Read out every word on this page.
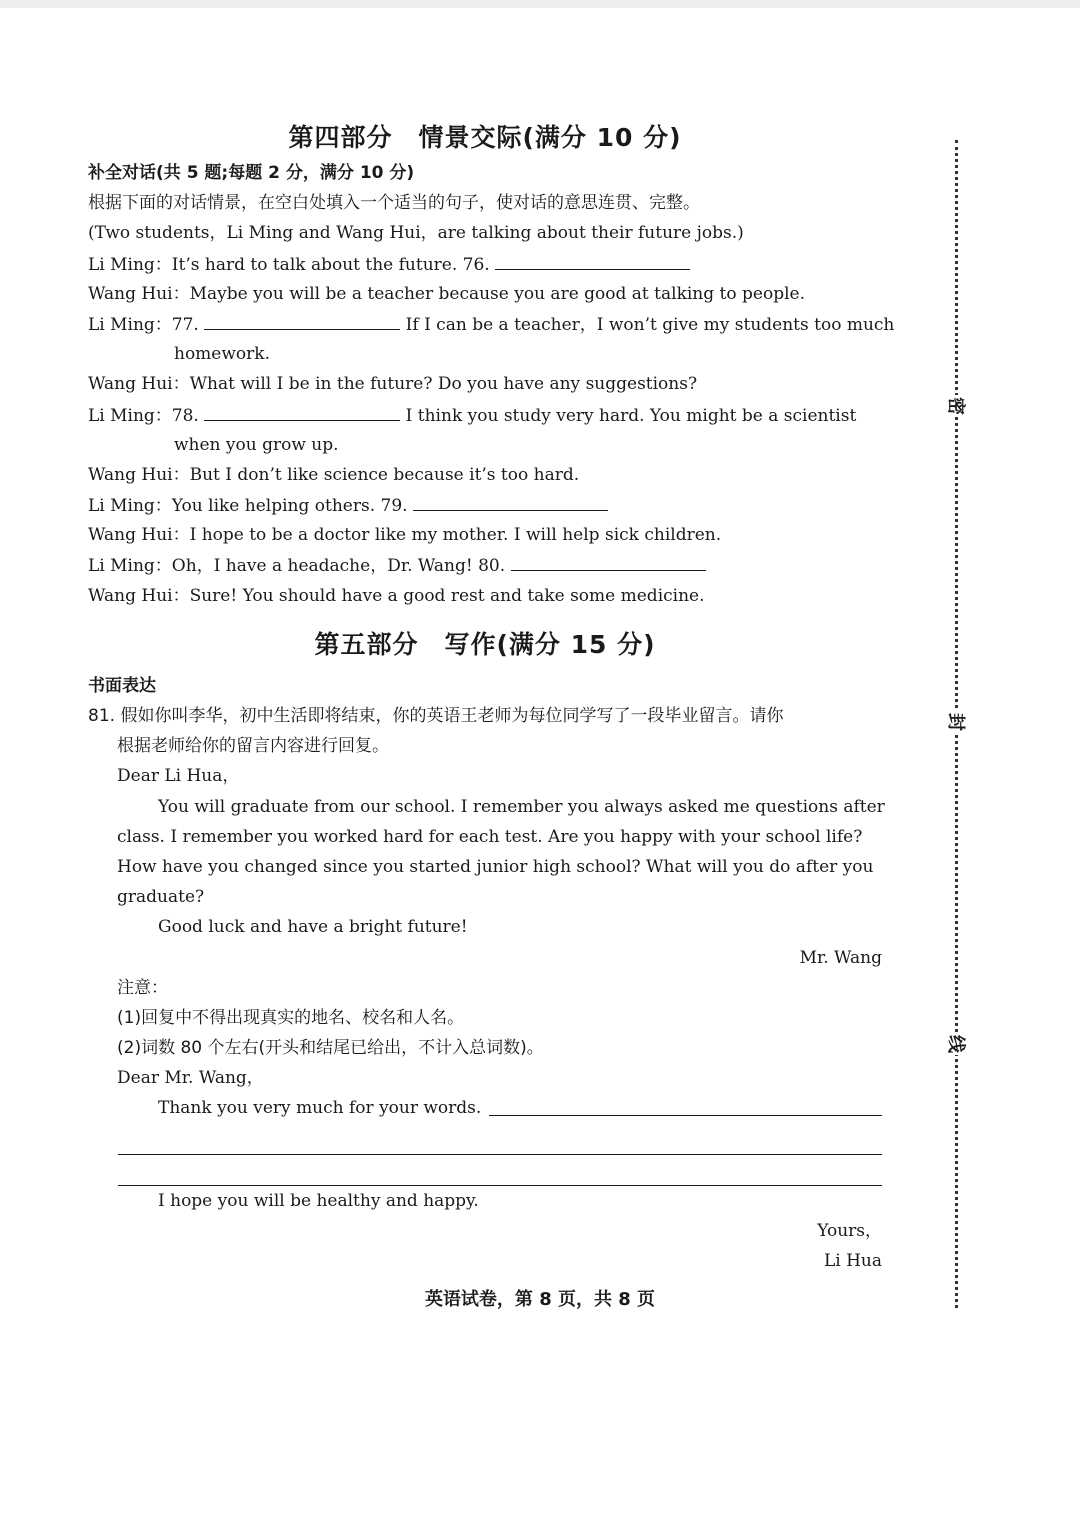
密
封
线
第四部分　情景交际(满分 10 分)
补全对话(共 5 题;每题 2 分，满分 10 分)
根据下面的对话情景，在空白处填入一个适当的句子，使对话的意思连贯、完整。
(Two students，Li Ming and Wang Hui，are talking about their future jobs.)
Li Ming：It’s hard to talk about the future. 76.
Wang Hui：Maybe you will be a teacher because you are good at talking to people.
Li Ming：77.	If I can be a teacher，I won’t give my students too much
homework.
Wang Hui：What will I be in the future? Do you have any suggestions?
Li Ming：78.	I think you study very hard. You might be a scientist
when you grow up.
Wang Hui：But I don’t like science because it’s too hard.
Li Ming：You like helping others. 79.
Wang Hui：I hope to be a doctor like my mother. I will help sick children.
Li Ming：Oh，I have a headache，Dr. Wang! 80.
Wang Hui：Sure! You should have a good rest and take some medicine.
第五部分　写作(满分 15 分)
书面表达
81. 假如你叫李华，初中生活即将结束，你的英语王老师为每位同学写了一段毕业留言。请你
根据老师给你的留言内容进行回复。
Dear Li Hua，
You will graduate from our school. I remember you always asked me questions after
class. I remember you worked hard for each test. Are you happy with your school life?
How have you changed since you started junior high school? What will you do after you
graduate?
Good luck and have a bright future!
Mr. Wang
注意：
(1)回复中不得出现真实的地名、校名和人名。
(2)词数 80 个左右(开头和结尾已给出，不计入总词数)。
Dear Mr. Wang，
Thank you very much for your words.
I hope you will be healthy and happy.
Yours，
Li Hua
英语试卷，第 8 页，共 8 页
